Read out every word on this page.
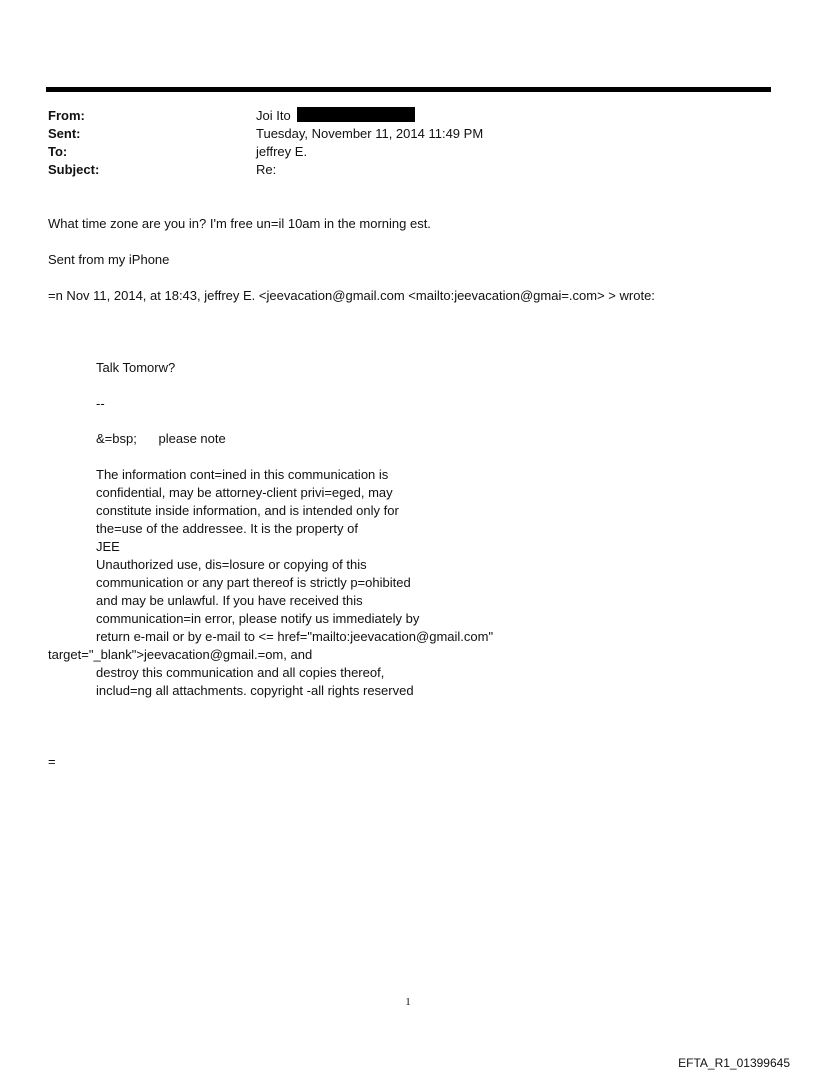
From:	Joi Ito
Sent:	Tuesday, November 11, 2014 11:49 PM
To:	jeffrey E.
Subject:	Re:
What time zone are you in? I'm free un=il 10am in the morning est.
Sent from my iPhone
=n Nov 11, 2014, at 18:43, jeffrey E. <jeevacation@gmail.com <mailto:jeevacation@gmai=.com> > wrote:
Talk Tomorw?
--
&=bsp;      please note
The information cont=ined in this communication is
confidential, may be attorney-client privi=eged, may
constitute inside information, and is intended only for
the=use of the addressee. It is the property of
JEE
Unauthorized use, dis=losure or copying of this
communication or any part thereof is strictly p=ohibited
and may be unlawful. If you have received this
communication=in error, please notify us immediately by
return e-mail or by e-mail to <= href="mailto:jeevacation@gmail.com"
target="_blank">jeevacation@gmail.=om, and
destroy this communication and all copies thereof,
includ=ng all attachments. copyright -all rights reserved
=
1
EFTA_R1_01399645
